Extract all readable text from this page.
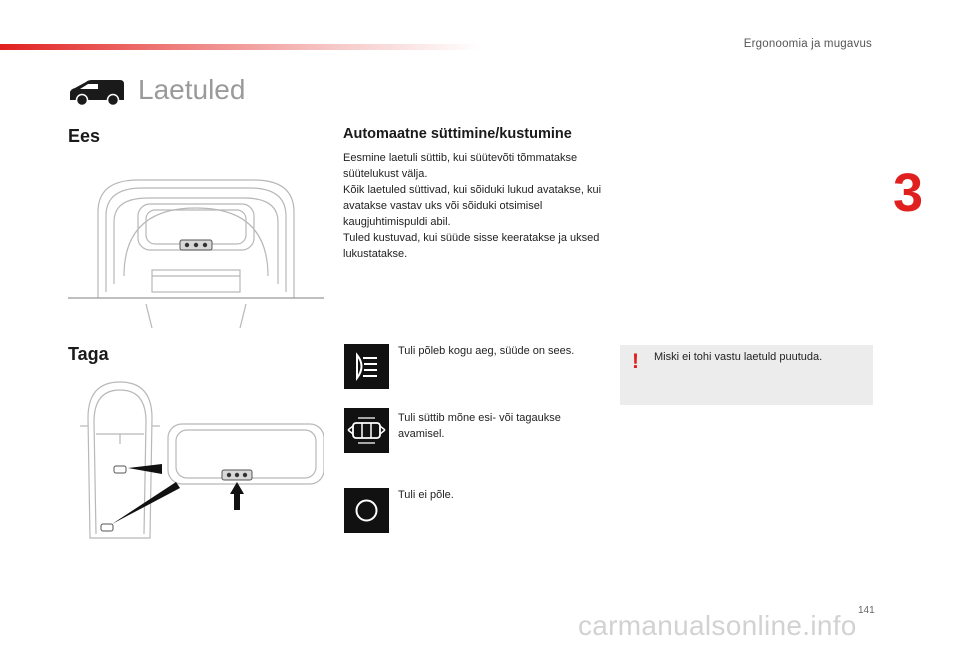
Ergonoomia ja mugavus
3
Laetuled
Ees
Taga
Automaatne süttimine/kustumine

Eesmine laetuli süttib, kui süütevõti tõmmatakse süütelukust välja.

Kõik laetuled süttivad, kui sõiduki lukud avatakse, kui avatakse vastav uks või sõiduki otsimisel kaugjuhtimispuldi abil.

Tuled kustuvad, kui süüde sisse keeratakse ja uksed lukustatakse.

Tuli põleb kogu aeg, süüde on sees.
Tuli süttib mõne esi- või tagaukse avamisel.
Tuli ei põle.
! Miski ei tohi vastu laetuld puutuda.
141
carmanualsonline.info
